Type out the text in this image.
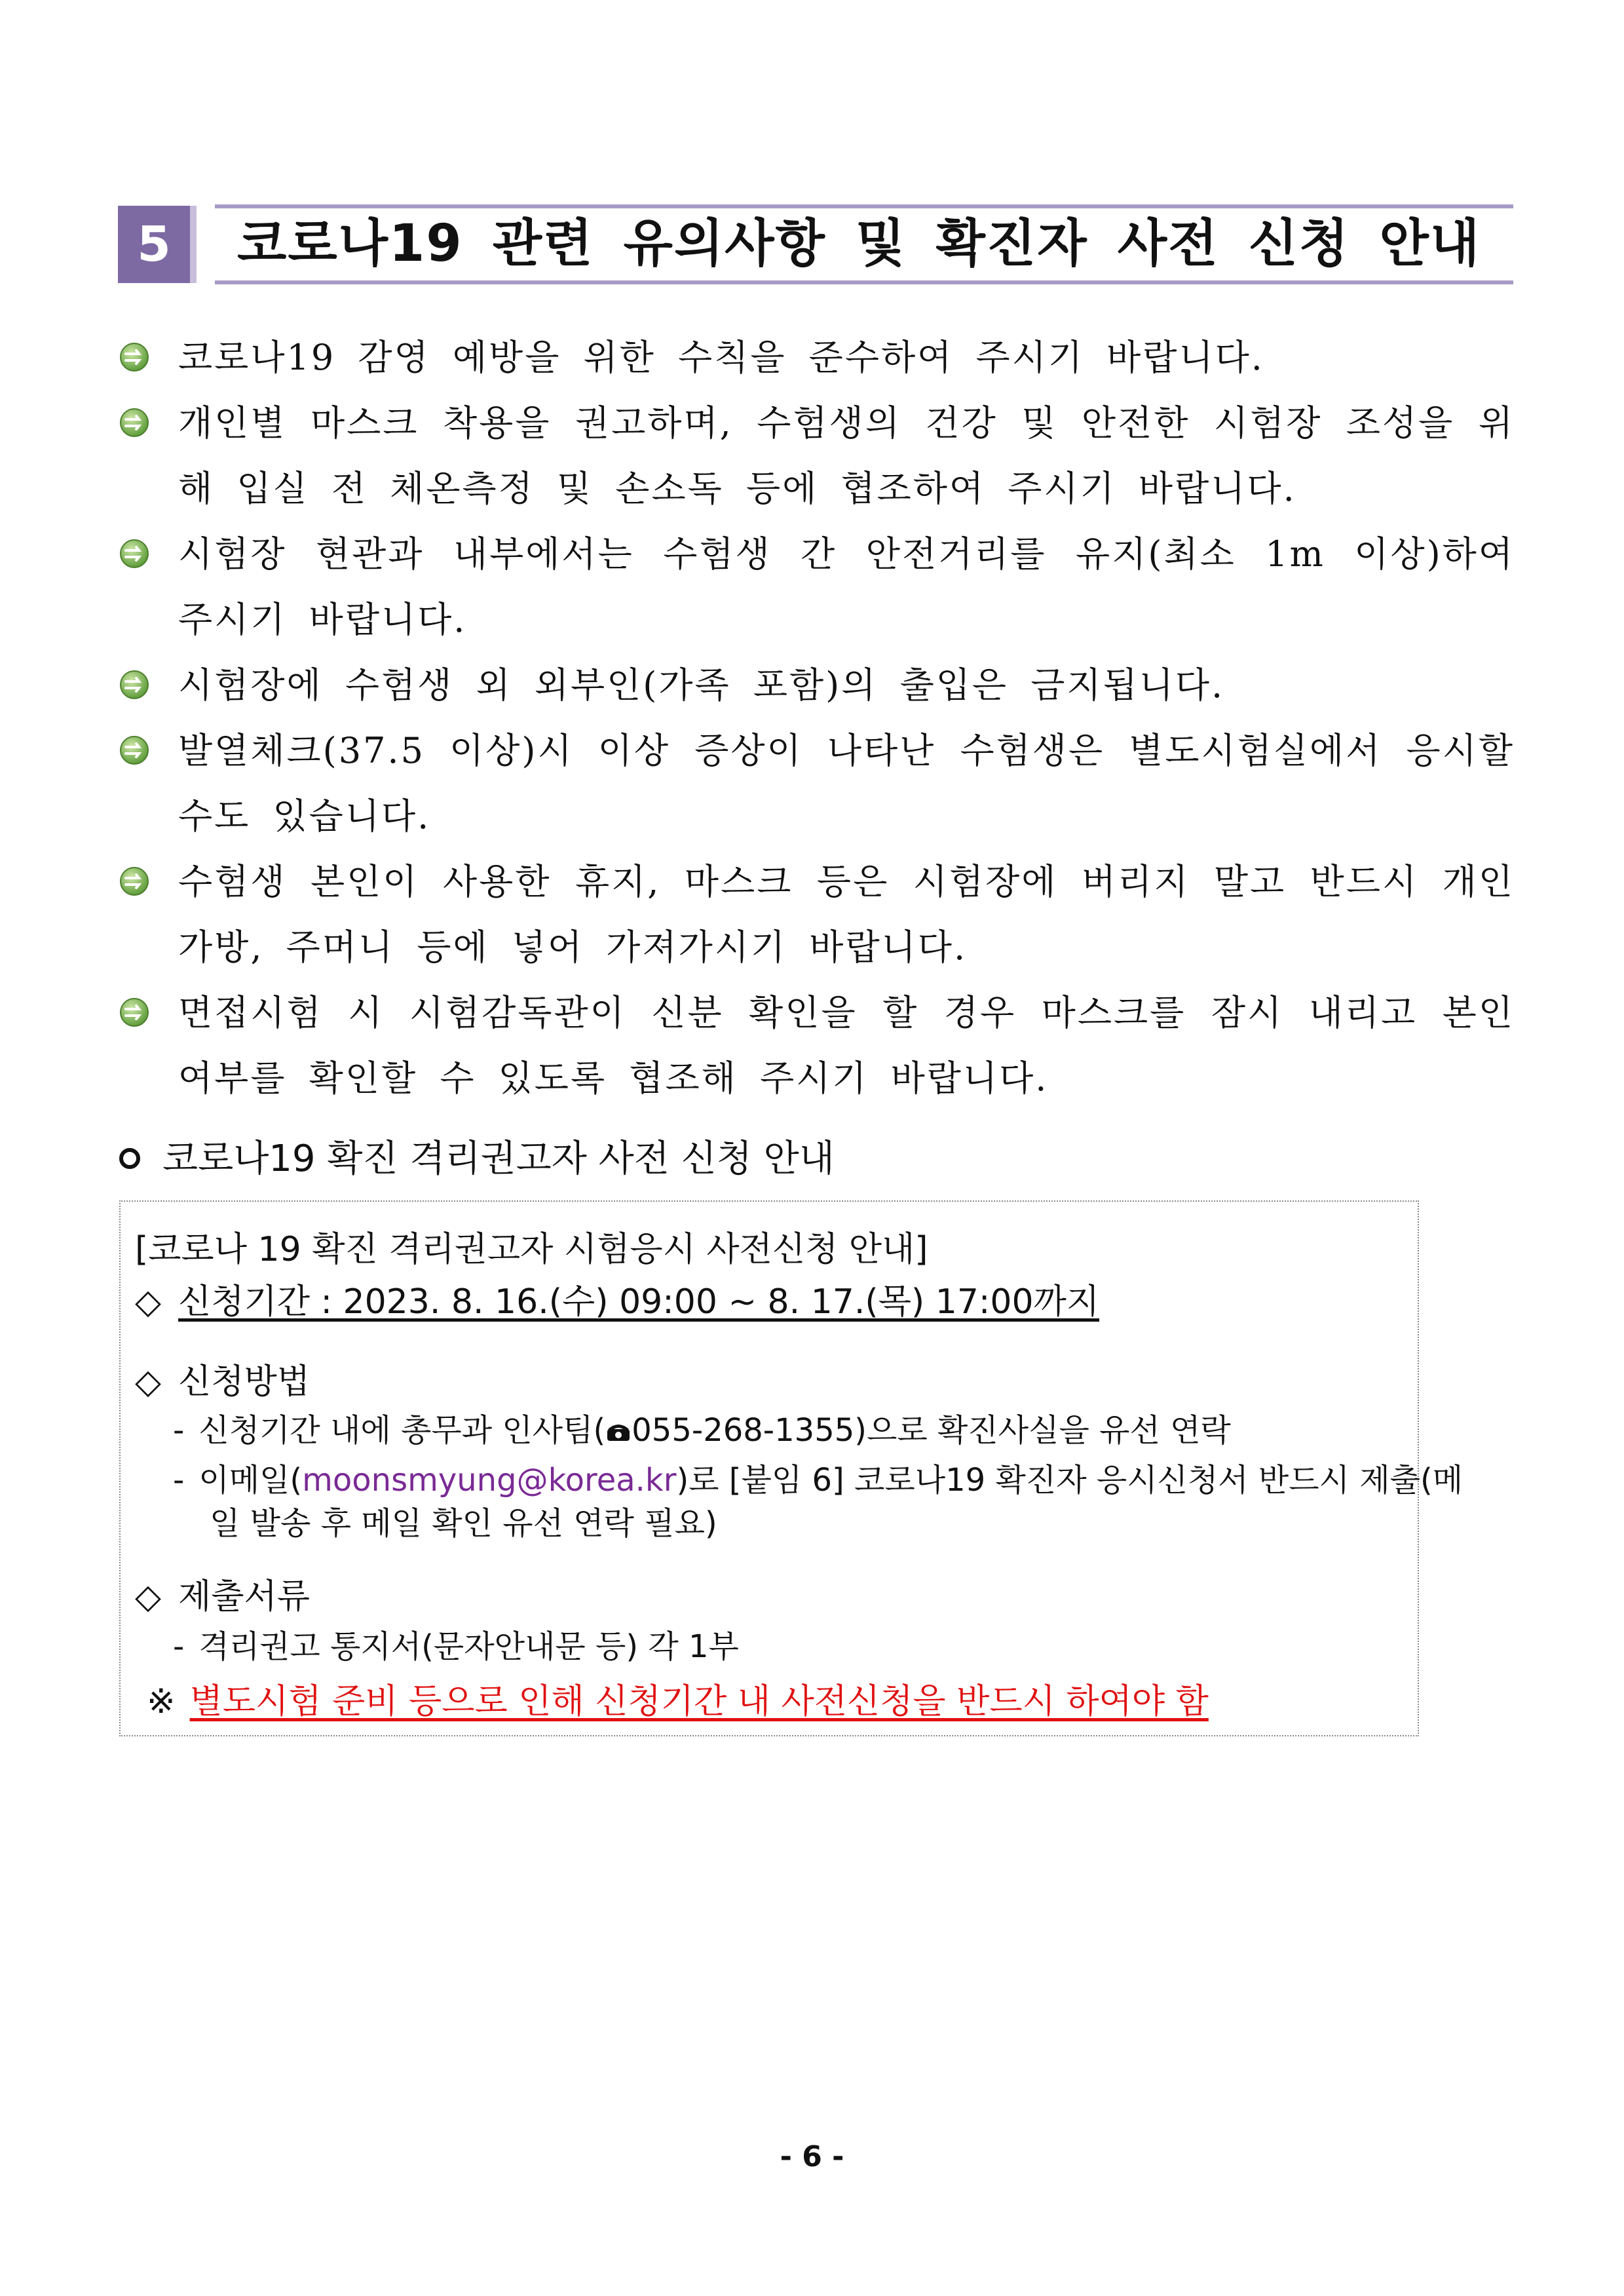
5	코로나19 관련 유의사항 및 확진자 사전 신청 안내
코로나19 감영 예방을 위한 수칙을 준수하여 주시기 바랍니다.
개인별 마스크 착용을 권고하며, 수험생의 건강 및 안전한 시험장 조성을 위해 입실 전 체온측정 및 손소독 등에 협조하여 주시기 바랍니다.
시험장 현관과 내부에서는 수험생 간 안전거리를 유지(최소 1m 이상)하여 주시기 바랍니다.
시험장에 수험생 외 외부인(가족 포함)의 출입은 금지됩니다.
발열체크(37.5 이상)시 이상 증상이 나타난 수험생은 별도시험실에서 응시할 수도 있습니다.
수험생 본인이 사용한 휴지, 마스크 등은 시험장에 버리지 말고 반드시 개인 가방, 주머니 등에 넣어 가져가시기 바랍니다.
면접시험 시 시험감독관이 신분 확인을 할 경우 마스크를 잠시 내리고 본인 여부를 확인할 수 있도록 협조해 주시기 바랍니다.
코로나19 확진 격리권고자 사전 신청 안내
[코로나 19 확진 격리권고자 시험응시 사전신청 안내]
◇ 신청기간 : 2023. 8. 16.(수) 09:00 ~ 8. 17.(목) 17:00까지
◇ 신청방법
- 신청기간 내에 총무과 인사팀( 055-268-1355)으로 확진사실을 유선 연락
- 이메일(moonsmyung@korea.kr)로 [붙임 6] 코로나19 확진자 응시신청서 반드시 제출(메
일 발송 후 메일 확인 유선 연락 필요)
◇ 제출서류
- 격리권고 통지서(문자안내문 등) 각 1부
※ 별도시험 준비 등으로 인해 신청기간 내 사전신청을 반드시 하여야 함
- 6 -
